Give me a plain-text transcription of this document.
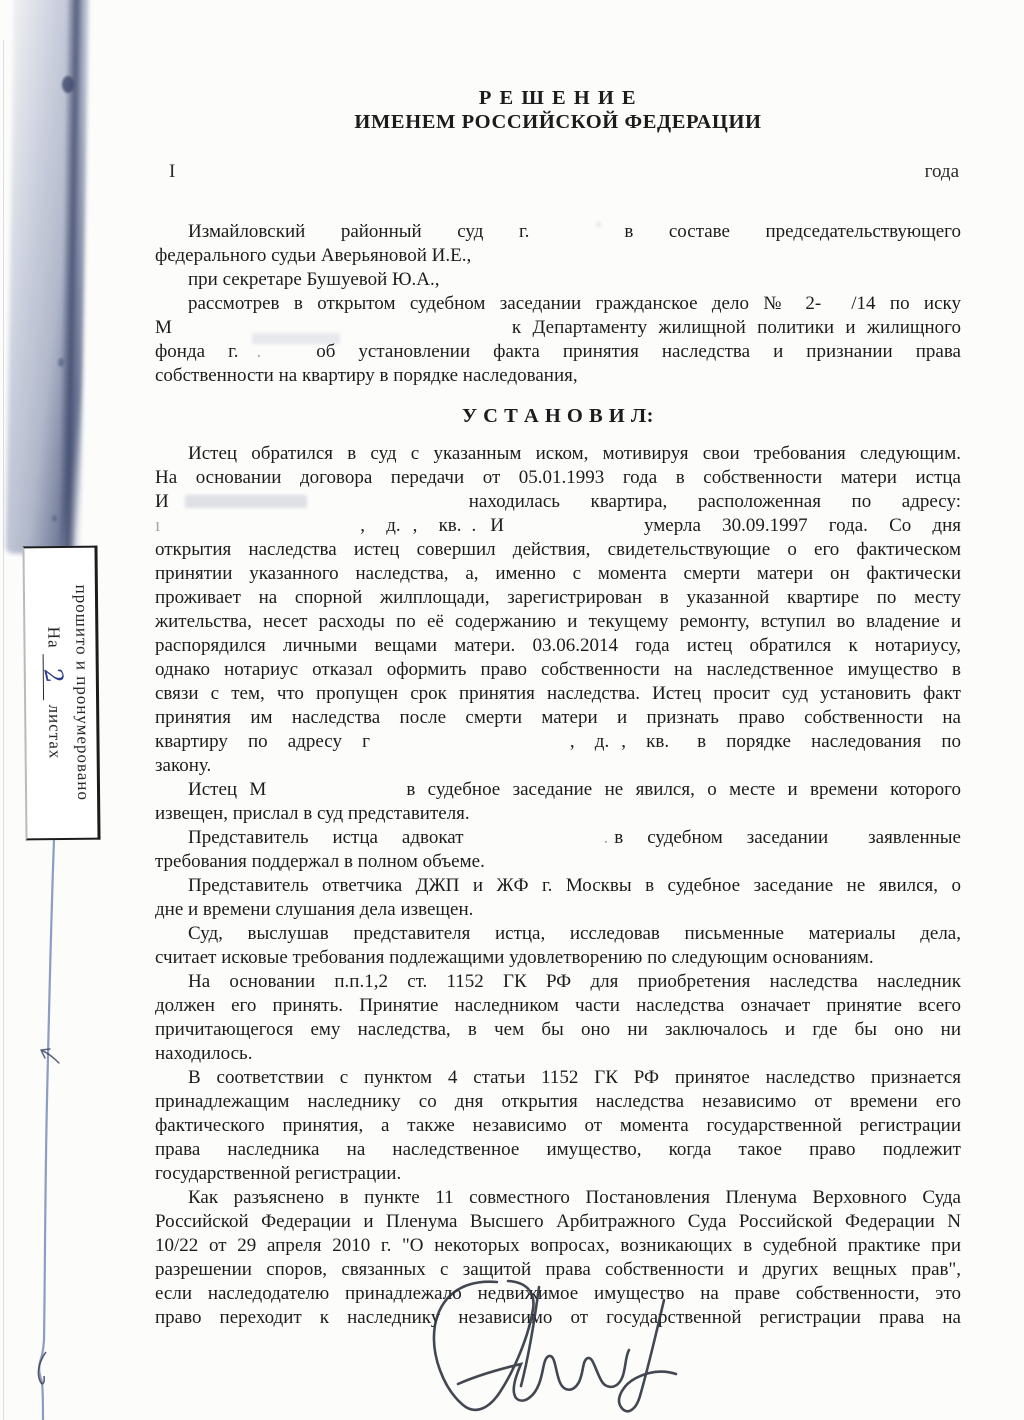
прошито и пронумеровано
На2листах
Р Е Ш Е Н И Е
ИМЕНЕМ РОССИЙСКОЙ ФЕДЕРАЦИИ
I	года
Измайловский районный суд г.	в составе председательствующего
федерального судьи Аверьяновой И.Е.,
при секретаре Бушуевой Ю.А.,
рассмотрев в открытом судебном заседании гражданское дело № 2- /14 по иску
М	к Департаменту жилищной политики и жилищного
фонда г. .	об установлении факта принятия наследства и признании права
собственности на квартиру в порядке наследования,
У С Т А Н О В И Л:
Истец обратился в суд с указанным иском, мотивируя свои требования следующим.
На основании договора передачи от 05.01.1993 года в собственности матери истца
И	находилась квартира, расположенная по адресу:
ı	, д. , кв. . И	умерла 30.09.1997 года. Со дня
открытия наследства истец совершил действия, свидетельствующие о его фактическом
принятии указанного наследства, а, именно с момента смерти матери он фактически
проживает на спорной жилплощади, зарегистрирован в указанной квартире по месту
жительства, несет расходы по её содержанию и текущему ремонту, вступил во владение и
распорядился личными вещами матери. 03.06.2014 года истец обратился к нотариусу,
однако нотариус отказал оформить право собственности на наследственное имущество в
связи с тем, что пропущен срок принятия наследства. Истец просит суд установить факт
принятия им наследства после смерти матери и признать право собственности на
квартиру по адресу г	, д. , кв. в порядке наследования по
закону.
Истец М	в судебное заседание не явился, о месте и времени которого
извещен, прислал в суд представителя.
Представитель истца адвокат	. в судебном заседании заявленные
требования поддержал в полном объеме.
Представитель ответчика ДЖП и ЖФ г. Москвы в судебное заседание не явился, о
дне и времени слушания дела извещен.
Суд, выслушав представителя истца, исследовав письменные материалы дела,
считает исковые требования подлежащими удовлетворению по следующим основаниям.
На основании п.п.1,2 ст. 1152 ГК РФ для приобретения наследства наследник
должен его принять. Принятие наследником части наследства означает принятие всего
причитающегося ему наследства, в чем бы оно ни заключалось и где бы оно ни
находилось.
В соответствии с пунктом 4 статьи 1152 ГК РФ принятое наследство признается
принадлежащим наследнику со дня открытия наследства независимо от времени его
фактического принятия, а также независимо от момента государственной регистрации
права наследника на наследственное имущество, когда такое право подлежит
государственной регистрации.
Как разъяснено в пункте 11 совместного Постановления Пленума Верховного Суда
Российской Федерации и Пленума Высшего Арбитражного Суда Российской Федерации N
10/22 от 29 апреля 2010 г. "О некоторых вопросах, возникающих в судебной практике при
разрешении споров, связанных с защитой права собственности и других вещных прав",
если наследодателю принадлежало недвижимое имущество на праве собственности, это
право переходит к наследнику независимо от государственной регистрации права на
